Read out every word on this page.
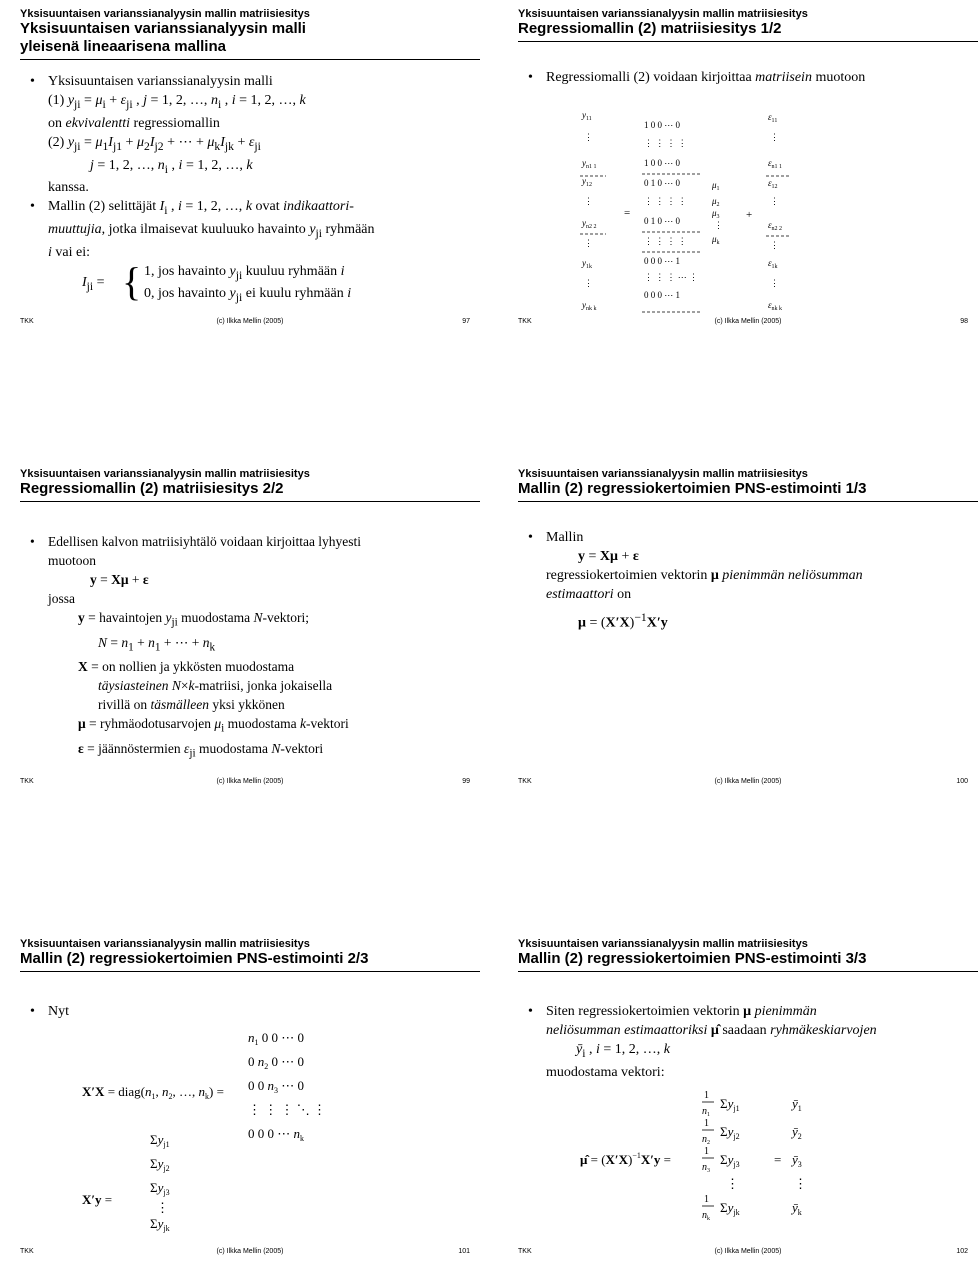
Yksisuuntaisen varianssianalyysin mallin matriisiesitys
Yksisuuntaisen varianssianalyysin malli yleisenä lineaarisena mallina
• Yksisuuntaisen varianssianalyysin malli
(1) $y_{ji} = \mu_i + \varepsilon_{ji}$ , j = 1, 2, …, $n_i$ , i = 1, 2, …, k
on ekvivalentti regressiomallin
(2) $y_{ji} = \mu_1I_{j1} + \mu_2I_{j2}$ + ⋯ + $\mu_kI_{jk} + \varepsilon_{ji}$
j = 1, 2, …, $n_i$ , i = 1, 2, …, k
kanssa.
• Mallin (2) selittäjät $I_i$ , i = 1, 2, …, k ovat indikaattori-
muuttujia, jotka ilmaisevat kuuluuko havainto $y_{ji}$ ryhmään
i vai ei:
$I_{ji}$ = { 1, jos havainto $y_{ji}$ kuuluu ryhmään i
0, jos havainto $y_{ji}$ ei kuulu ryhmään i
TKK	(c) Ilkka Mellin (2005)	97
Yksisuuntaisen varianssianalyysin mallin matriisiesitys
Regressiomallin (2) matriisiesitys 1/2
• Regressiomalli (2) voidaan kirjoittaa matriisein muotoon
$y_{11}$
⋮
$y_{n1 1}$
$y_{12}$
⋮
$y_{n2 2}$
⋮
$y_{1k}$
⋮
$y_{nk k}$
=
1 0 0 ⋯ 0
⋮ ⋮ ⋮ ⋮
1 0 0 ⋯ 0
0 1 0 ⋯ 0
⋮ ⋮ ⋮ ⋮
0 1 0 ⋯ 0
⋮ ⋮ ⋮ ⋮
0 0 0 ⋯ 1
⋮ ⋮ ⋮ ⋯ ⋮
0 0 0 ⋯ 1
$\mu_1$
$\mu_2$
$\mu_3$
⋮
$\mu_k$
+
$\varepsilon_{11}$
⋮
$\varepsilon_{n1 1}$
$\varepsilon_{12}$
⋮
$\varepsilon_{n2 2}$
⋮
$\varepsilon_{1k}$
⋮
$\varepsilon_{nk k}$
TKK	(c) Ilkka Mellin (2005)	98
Yksisuuntaisen varianssianalyysin mallin matriisiesitys
Regressiomallin (2) matriisiesitys 2/2
• Edellisen kalvon matriisiyhtälö voidaan kirjoittaa lyhyesti
muotoon
y = Xμ + ε
jossa
y = havaintojen $y_{ji}$ muodostama N-vektori;
$N = n_1 + n_1$ + ⋯ + $n_k$
X = on nollien ja ykkösten muodostama
täysiasteinen N×k-matriisi, jonka jokaisella
rivillä on täsmälleen yksi ykkönen
μ = ryhmäodotusarvojen $\mu_i$ muodostama k-vektori
ε = jäännöstermien $\varepsilon_{ji}$ muodostama N-vektori
TKK	(c) Ilkka Mellin (2005)	99
Yksisuuntaisen varianssianalyysin mallin matriisiesitys
Mallin (2) regressiokertoimien PNS-estimointi 1/3
• Mallin
y = Xμ + ε
regressiokertoimien vektorin μ pienimmän neliösumman
estimaattori on
$\mu = (X'X)^{-1}X'y$
TKK	(c) Ilkka Mellin (2005)	100
Yksisuuntaisen varianssianalyysin mallin matriisiesitys
Mallin (2) regressiokertoimien PNS-estimointi 2/3
• Nyt
$X'X = diag(n_1$, $n_2$, …, $n_k$) =
$n_1$ 0 0 ⋯ 0
0 $n_2$ 0 ⋯ 0
0 0 $n_3$ ⋯ 0
⋮ ⋮ ⋮ ⋱ ⋮
0 0 0 ⋯ $n_k$
X′y =
$\Sigma y_{j1}$
$\Sigma y_{j2}$
$\Sigma y_{j3}$
⋮
$\Sigma y_{jk}$
TKK	(c) Ilkka Mellin (2005)	101
Yksisuuntaisen varianssianalyysin mallin matriisiesitys
Mallin (2) regressiokertoimien PNS-estimointi 3/3
• Siten regressiokertoimien vektorin μ pienimmän
neliösumman estimaattoriksi μ̂ saadaan ryhmäkeskiarvojen
$ȳ_i$ , i = 1, 2, …, k
muodostama vektori:
μ̂ = $(X'X)^{-1}X'y$ =
1
$n_1$
$\Sigma y_{j1}$
1
$n_2$
$\Sigma y_{j2}$
1
$n_3$
$\Sigma y_{j3}$
⋮
1
$n_k$
$\Sigma y_{jk}$
=
$ȳ_1$
$ȳ_2$
$ȳ_3$
⋮
$ȳ_k$
TKK	(c) Ilkka Mellin (2005)	102
